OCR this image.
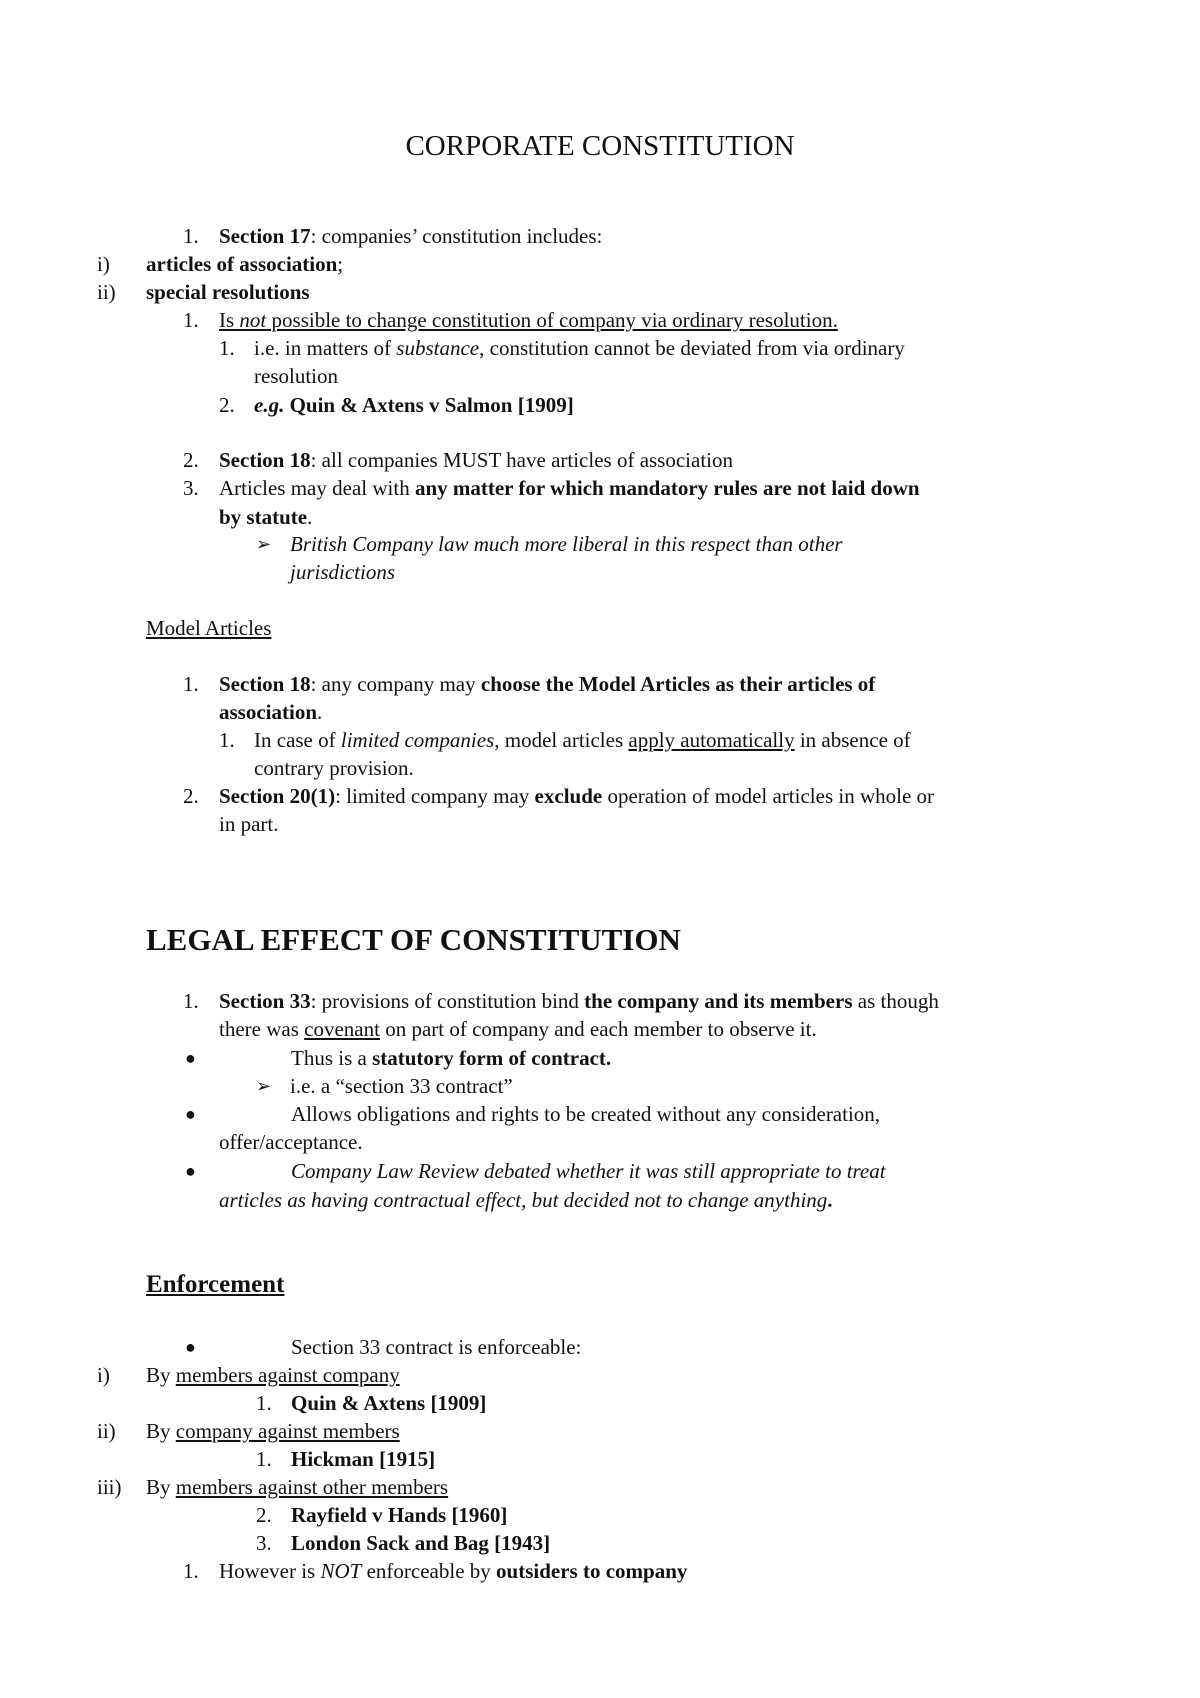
CORPORATE CONSTITUTION
1. Section 17: companies’ constitution includes:
i) articles of association;
ii) special resolutions
1. Is not possible to change constitution of company via ordinary resolution.
1. i.e. in matters of substance, constitution cannot be deviated from via ordinary
resolution
2. e.g. Quin & Axtens v Salmon [1909]
2. Section 18: all companies MUST have articles of association
3. Articles may deal with any matter for which mandatory rules are not laid down
by statute.
➢ British Company law much more liberal in this respect than other
jurisdictions
Model Articles
1. Section 18: any company may choose the Model Articles as their articles of
association.
1. In case of limited companies, model articles apply automatically in absence of
contrary provision.
2. Section 20(1): limited company may exclude operation of model articles in whole or
in part.
LEGAL EFFECT OF CONSTITUTION
1. Section 33: provisions of constitution bind the company and its members as though
there was covenant on part of company and each member to observe it.
●	Thus is a statutory form of contract.
➢ i.e. a “section 33 contract”
●	Allows obligations and rights to be created without any consideration,
offer/acceptance.
●	Company Law Review debated whether it was still appropriate to treat
articles as having contractual effect, but decided not to change anything.
Enforcement
●	Section 33 contract is enforceable:
i) By members against company
1. Quin & Axtens [1909]
ii) By company against members
1. Hickman [1915]
iii) By members against other members
2. Rayfield v Hands [1960]
3. London Sack and Bag [1943]
1. However is NOT enforceable by outsiders to company
